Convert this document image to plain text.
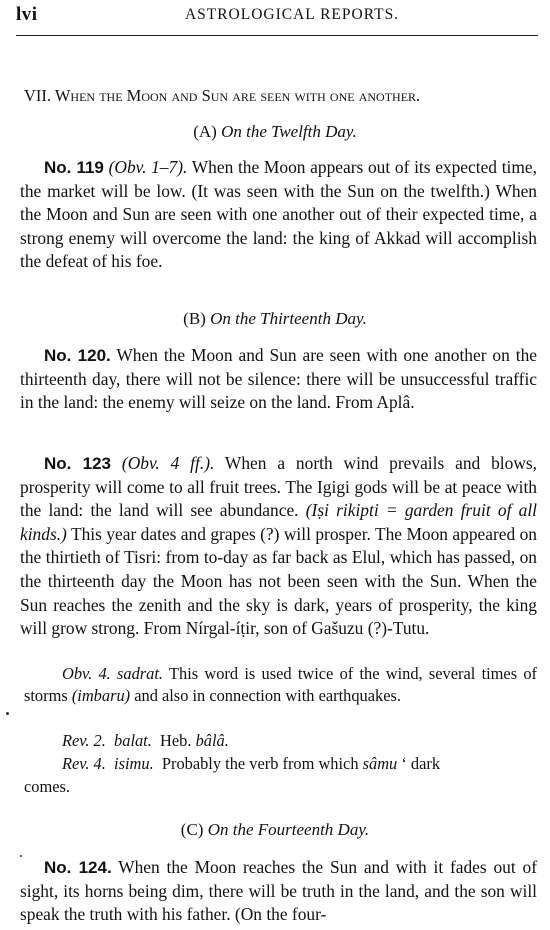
lvi	ASTROLOGICAL REPORTS.
VII. When the Moon and Sun are seen with one another.
(A) On the Twelfth Day.

No. 119 (Obv. 1–7). When the Moon appears out of its expected time, the market will be low. (It was seen with the Sun on the twelfth.) When the Moon and Sun are seen with one another out of their expected time, a strong enemy will overcome the land: the king of Akkad will accomplish the defeat of his foe.

(B) On the Thirteenth Day.

No. 120. When the Moon and Sun are seen with one another on the thirteenth day, there will not be silence: there will be unsuccessful traffic in the land: the enemy will seize on the land. From Aplâ.

No. 123 (Obv. 4 ff.). When a north wind prevails and blows, prosperity will come to all fruit trees. The Igigi gods will be at peace with the land: the land will see abundance. (Iṣi rikipti = garden fruit of all kinds.) This year dates and grapes (?) will prosper. The Moon appeared on the thirtieth of Tisri: from to-day as far back as Elul, which has passed, on the thirteenth day the Moon has not been seen with the Sun. When the Sun reaches the zenith and the sky is dark, years of prosperity, the king will grow strong. From Nírgal-íṭir, son of Gašuzu (?)-Tutu.

Obv. 4. sadrat. This word is used twice of the wind, several times of storms (imbaru) and also in connection with earthquakes.

Rev. 2. balat. Heb. bâlâ.
Rev. 4. isimu. Probably the verb from which sâmu ‘ dark
comes.
(C) On the Fourteenth Day.

No. 124. When the Moon reaches the Sun and with it fades out of sight, its horns being dim, there will be truth in the land, and the son will speak the truth with his father. (On the four-
